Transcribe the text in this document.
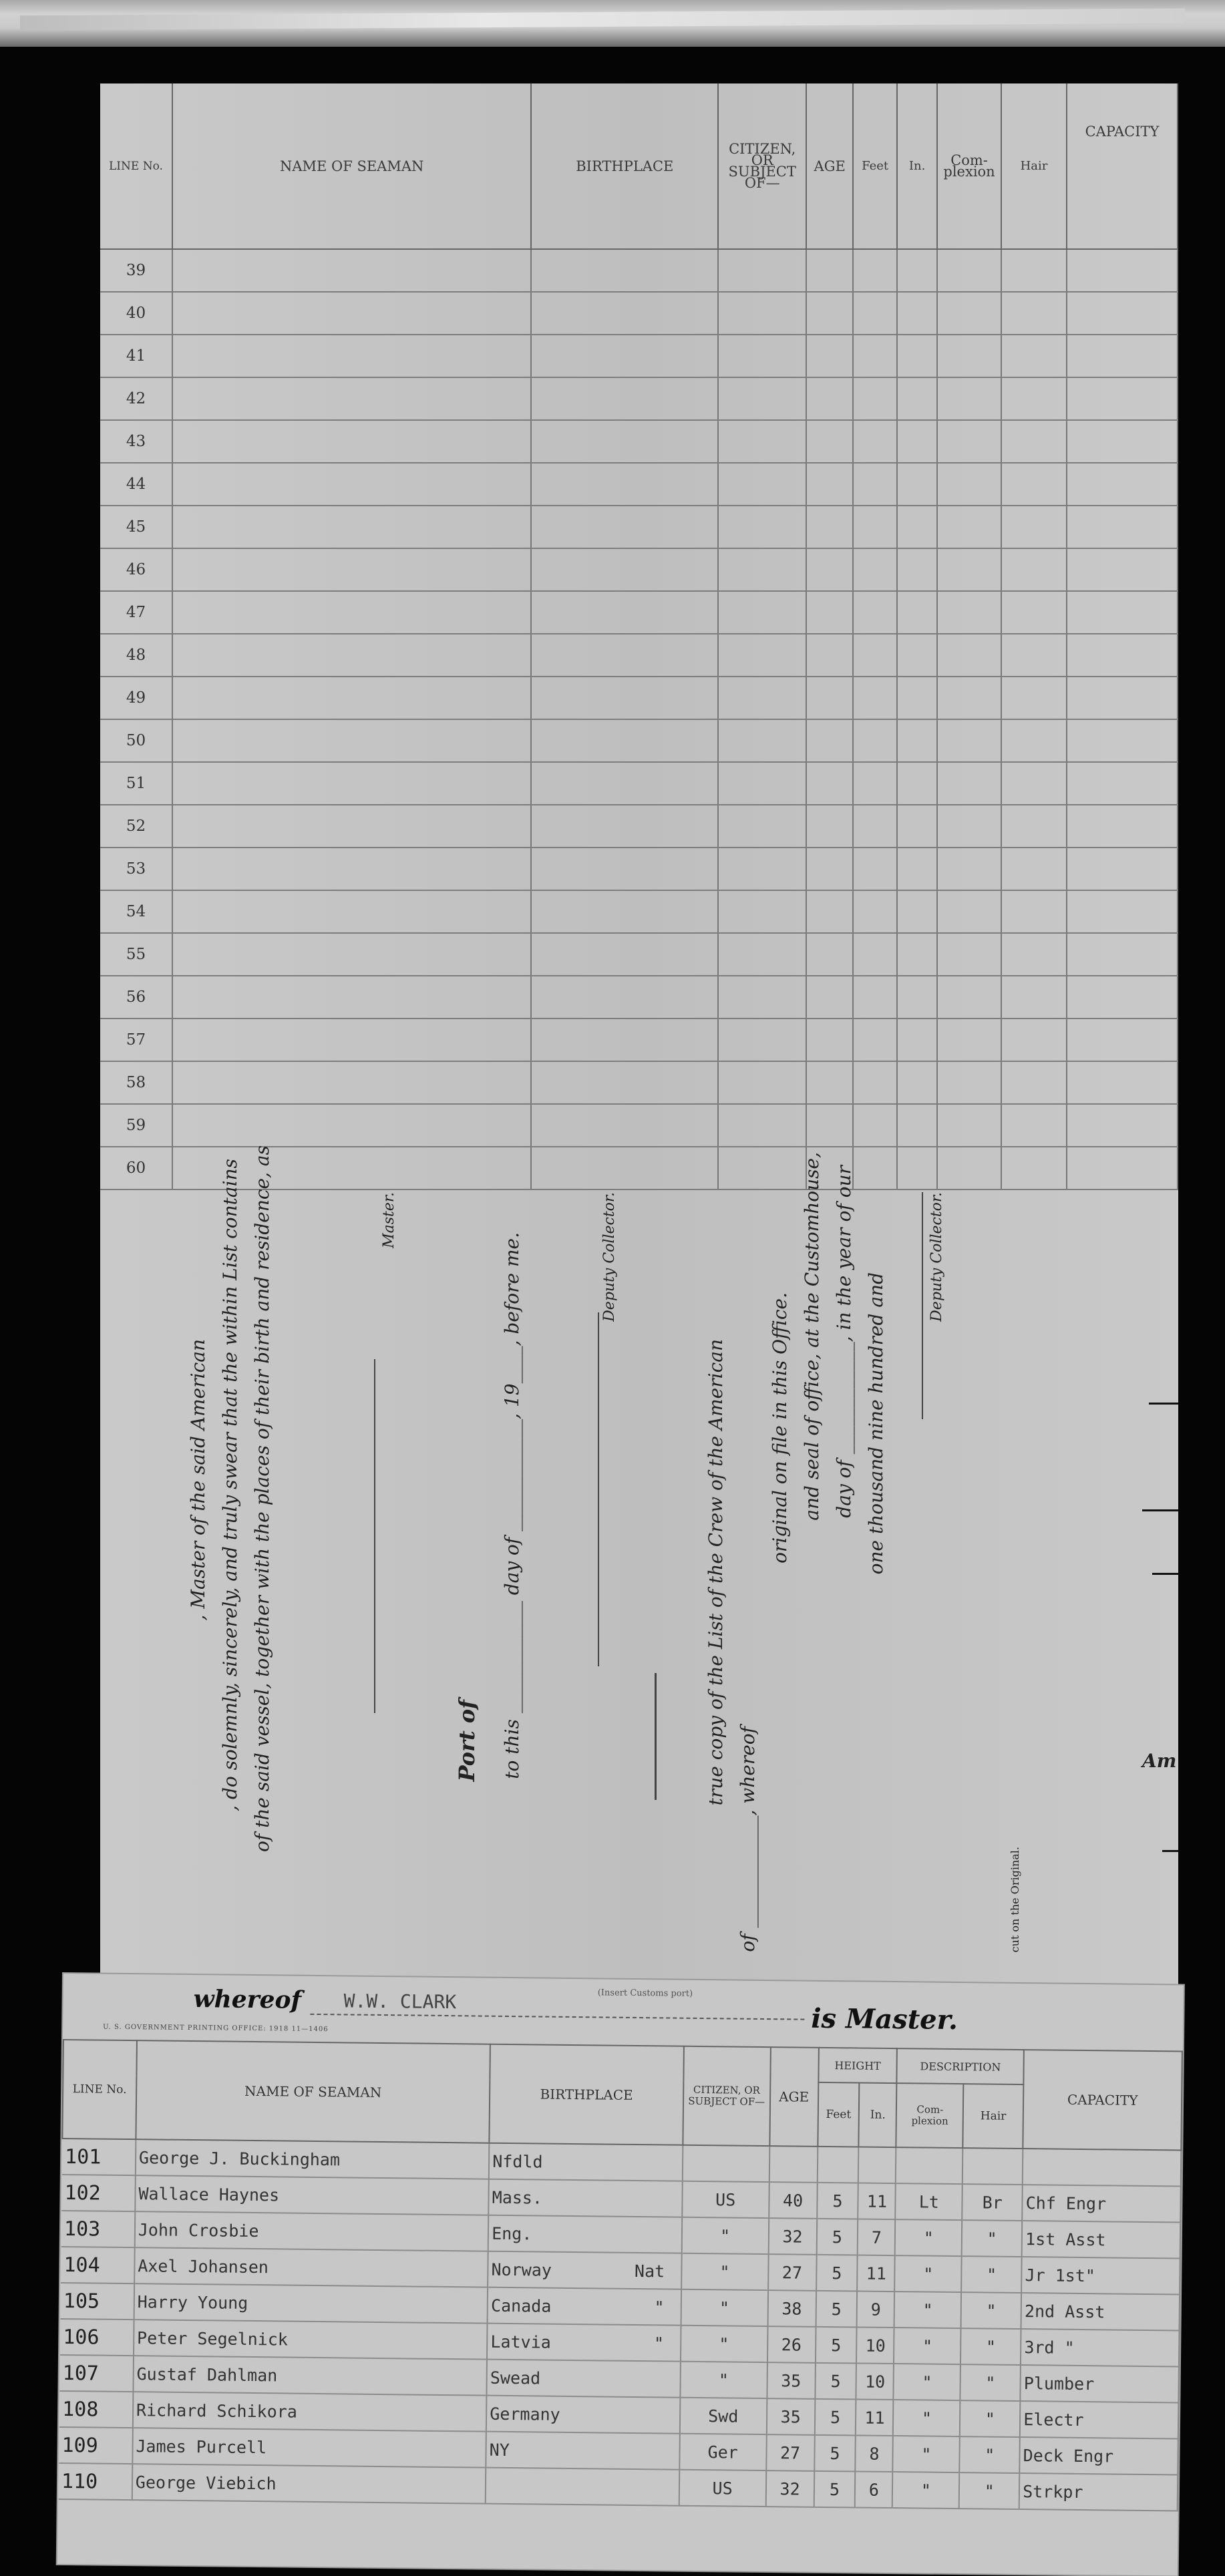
LINE No.	NAME OF SEAMAN	BIRTHPLACE	CITIZEN, OR SUBJECT OF—	AGE	Feet	In.	Com- plexion	Hair	CAPACITY
39									
40									
41									
42									
43									
44									
45									
46									
47									
48									
49									
50									
51									
52									
53									
54									
55									
56									
57									
58									
59									
60									
, Master of the said American , do solemnly, sincerely, and truly swear that the within List contains of the said vessel, together with the places of their birth and residence, as	Master.
Port of to this ____________ day of ____________, 19____, before me.	Deputy Collector.
true copy of the List of the Crew of the American
of ____________, whereof
original on file in this Office. and seal of office, at the Customhouse, day of ____________, in the year of our one thousand nine hundred and
Deputy Collector.
cut on the Original.
Am
whereof W.W. CLARK	(Insert Customs port)
is Master.
U. S. GOVERNMENT PRINTING OFFICE: 1918 11—1406
LINE No.	NAME OF SEAMAN	BIRTHPLACE	CITIZEN, OR SUBJECT OF—	AGE	HEIGHT		DESCRIPTION		CAPACITY
					Feet	In.	Com- plexion	Hair	
101	George J. Buckingham	Nfdld

102	Wallace Haynes	Mass.	US	40	5	11	Lt	Br	Chf Engr
103	John Crosbie	Eng.	"	32	5	7	"	"	1st Asst
104	Axel Johansen	Norway Nat	"	27	5	11	"	"	Jr 1st"
105	Harry Young	Canada "	"	38	5	9	"	"	2nd Asst
106	Peter Segelnick	Latvia "	"	26	5	10	"	"	3rd "
107	Gustaf Dahlman	Swead	"	35	5	10	"	"	Plumber
108	Richard Schikora	Germany	Swd	35	5	11	"	"	Electr
109	James Purcell	NY	Ger	27	5	8	"	"	Deck Engr
110	George Viebich		US	32	5	6	"	"	Strkpr
